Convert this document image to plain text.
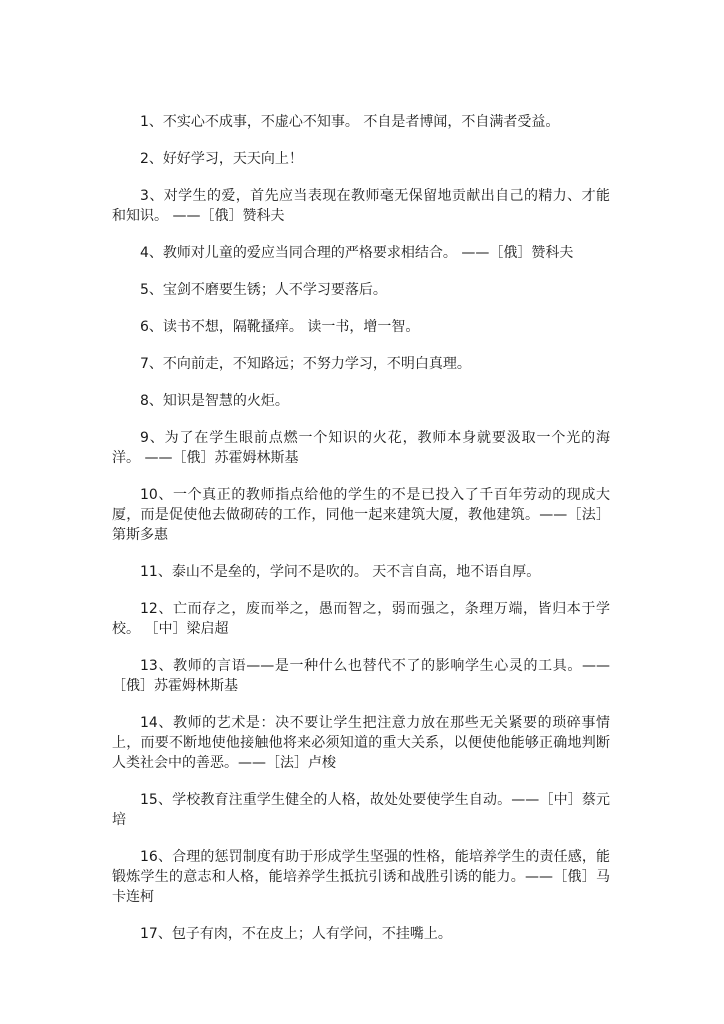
1、不实心不成事，不虚心不知事。 不自是者博闻，不自满者受益。

2、好好学习，天天向上！

3、对学生的爱，首先应当表现在教师毫无保留地贡献出自己的精力、才能和知识。 ——［俄］赞科夫

4、教师对儿童的爱应当同合理的严格要求相结合。 ——［俄］赞科夫

5、宝剑不磨要生锈；人不学习要落后。

6、读书不想，隔靴搔痒。 读一书，增一智。

7、不向前走，不知路远；不努力学习，不明白真理。

8、知识是智慧的火炬。

9、为了在学生眼前点燃一个知识的火花，教师本身就要汲取一个光的海洋。 ——［俄］苏霍姆林斯基

10、一个真正的教师指点给他的学生的不是已投入了千百年劳动的现成大厦，而是促使他去做砌砖的工作，同他一起来建筑大厦，教他建筑。——［法］第斯多惠

11、泰山不是垒的，学问不是吹的。 天不言自高，地不语自厚。

12、亡而存之，废而举之，愚而智之，弱而强之，条理万端，皆归本于学校。 ［中］梁启超

13、教师的言语——是一种什么也替代不了的影响学生心灵的工具。——［俄］苏霍姆林斯基

14、教师的艺术是：决不要让学生把注意力放在那些无关紧要的琐碎事情上，而要不断地使他接触他将来必须知道的重大关系，以便使他能够正确地判断人类社会中的善恶。——［法］卢梭

15、学校教育注重学生健全的人格，故处处要使学生自动。——［中］蔡元培

16、合理的惩罚制度有助于形成学生坚强的性格，能培养学生的责任感，能锻炼学生的意志和人格，能培养学生抵抗引诱和战胜引诱的能力。——［俄］马卡连柯

17、包子有肉，不在皮上；人有学问，不挂嘴上。
